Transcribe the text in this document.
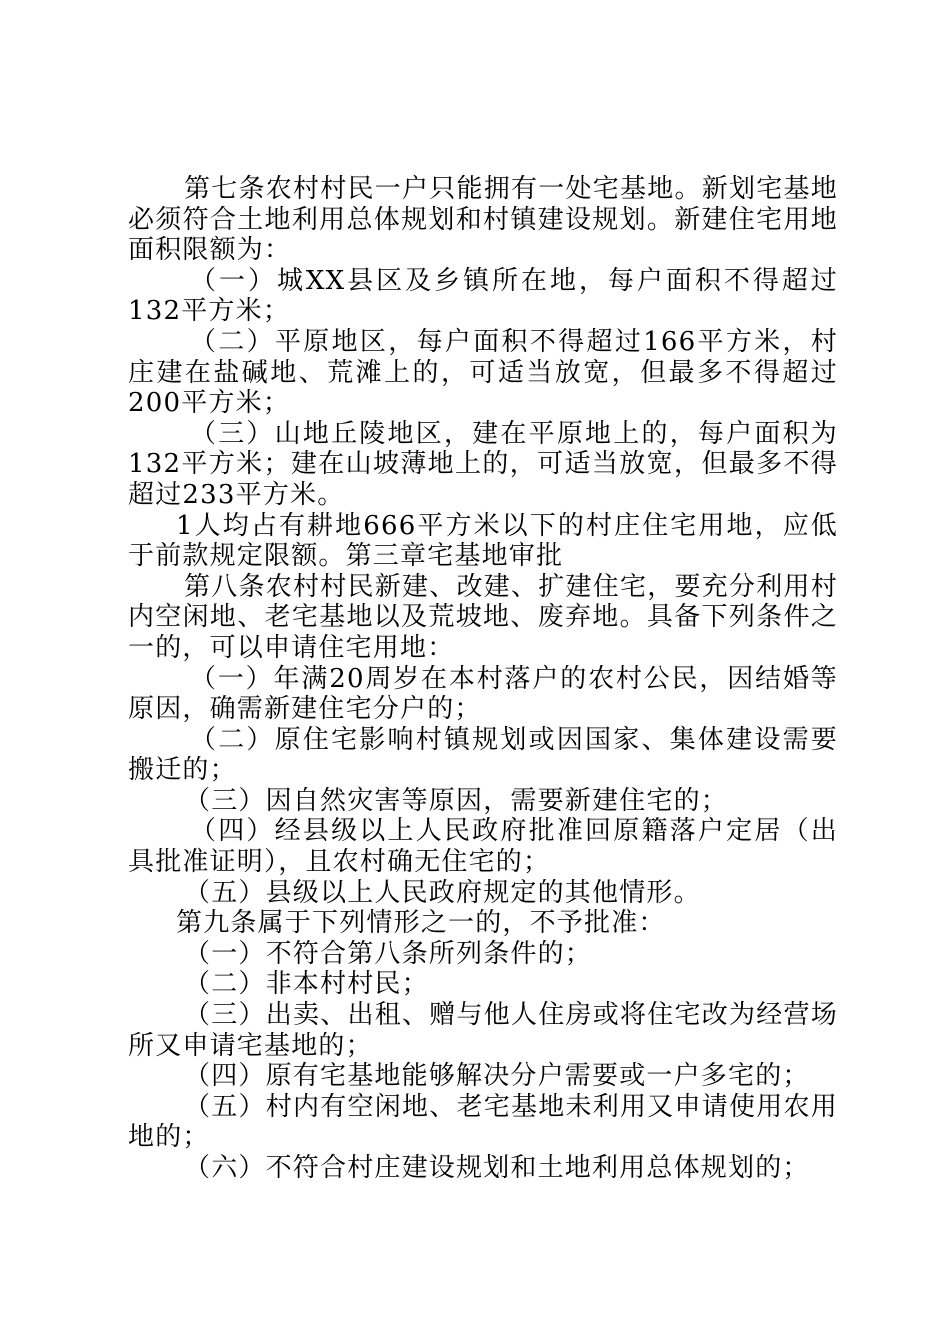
第七条农村村民一户只能拥有一处宅基地。新划宅基地必须符合土地利用总体规划和村镇建设规划。新建住宅用地面积限额为：

（一）城XX县区及乡镇所在地，每户面积不得超过132平方米；

（二）平原地区，每户面积不得超过166平方米，村庄建在盐碱地、荒滩上的，可适当放宽，但最多不得超过200平方米；

（三）山地丘陵地区，建在平原地上的，每户面积为132平方米；建在山坡薄地上的，可适当放宽，但最多不得超过233平方米。

1人均占有耕地666平方米以下的村庄住宅用地，应低于前款规定限额。第三章宅基地审批

第八条农村村民新建、改建、扩建住宅，要充分利用村内空闲地、老宅基地以及荒坡地、废弃地。具备下列条件之一的，可以申请住宅用地：

（一）年满20周岁在本村落户的农村公民，因结婚等原因，确需新建住宅分户的；

（二）原住宅影响村镇规划或因国家、集体建设需要搬迁的；

（三）因自然灾害等原因，需要新建住宅的；

（四）经县级以上人民政府批准回原籍落户定居（出具批准证明），且农村确无住宅的；

（五）县级以上人民政府规定的其他情形。

第九条属于下列情形之一的，不予批准：

（一）不符合第八条所列条件的；

（二）非本村村民；

（三）出卖、出租、赠与他人住房或将住宅改为经营场所又申请宅基地的；

（四）原有宅基地能够解决分户需要或一户多宅的；

（五）村内有空闲地、老宅基地未利用又申请使用农用地的；

（六）不符合村庄建设规划和土地利用总体规划的；
